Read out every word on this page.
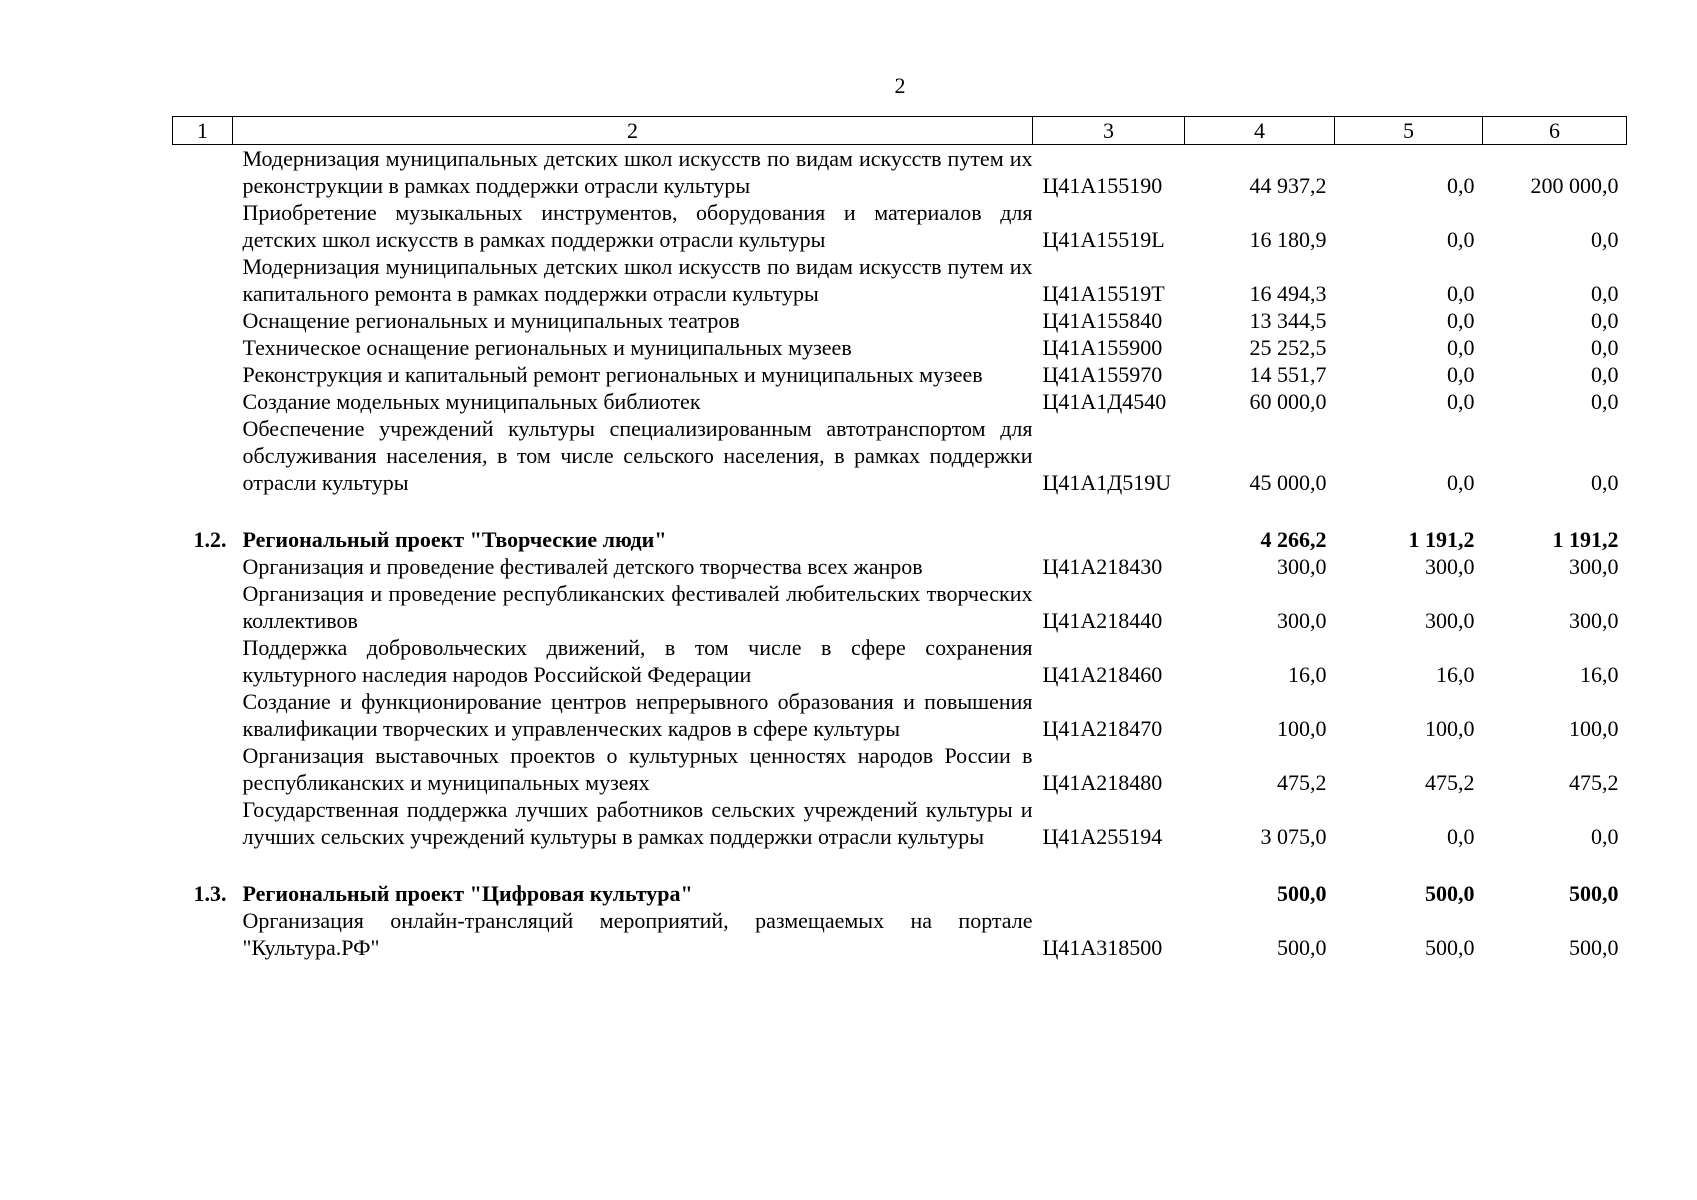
2
1	2	3	4	5	6
	Модернизация муниципальных детских школ искусств по видам искусств путем их реконструкции в рамках поддержки отрасли культуры	Ц41А155190	44 937,2	0,0	200 000,0
	Приобретение музыкальных инструментов, оборудования и материалов для детских школ искусств в рамках поддержки отрасли культуры	Ц41А15519L	16 180,9	0,0	0,0
	Модернизация муниципальных детских школ искусств по видам искусств путем их капитального ремонта в рамках поддержки отрасли культуры	Ц41А15519Т	16 494,3	0,0	0,0
	Оснащение региональных и муниципальных театров	Ц41А155840	13 344,5	0,0	0,0
	Техническое оснащение региональных и муниципальных музеев	Ц41А155900	25 252,5	0,0	0,0
	Реконструкция и капитальный ремонт региональных и муниципальных музеев	Ц41А155970	14 551,7	0,0	0,0
	Создание модельных муниципальных библиотек	Ц41А1Д4540	60 000,0	0,0	0,0
	Обеспечение учреждений культуры специализированным автотранспортом для обслуживания населения, в том числе сельского населения, в рамках поддержки отрасли культуры	Ц41А1Д519U	45 000,0	0,0	0,0
1.2.	Региональный проект "Творческие люди"		4 266,2	1 191,2	1 191,2
	Организация и проведение фестивалей детского творчества всех жанров	Ц41А218430	300,0	300,0	300,0
	Организация и проведение республиканских фестивалей любительских творческих коллективов	Ц41А218440	300,0	300,0	300,0
	Поддержка добровольческих движений, в том числе в сфере сохранения культурного наследия народов Российской Федерации	Ц41А218460	16,0	16,0	16,0
	Создание и функционирование центров непрерывного образования и повышения квалификации творческих и управленческих кадров в сфере культуры	Ц41А218470	100,0	100,0	100,0
	Организация выставочных проектов о культурных ценностях народов России в республиканских и муниципальных музеях	Ц41А218480	475,2	475,2	475,2
	Государственная поддержка лучших работников сельских учреждений культуры и лучших сельских учреждений культуры в рамках поддержки отрасли культуры	Ц41А255194	3 075,0	0,0	0,0
1.3.	Региональный проект "Цифровая культура"		500,0	500,0	500,0
	Организация онлайн-трансляций мероприятий, размещаемых на портале "Культура.РФ"	Ц41А318500	500,0	500,0	500,0
